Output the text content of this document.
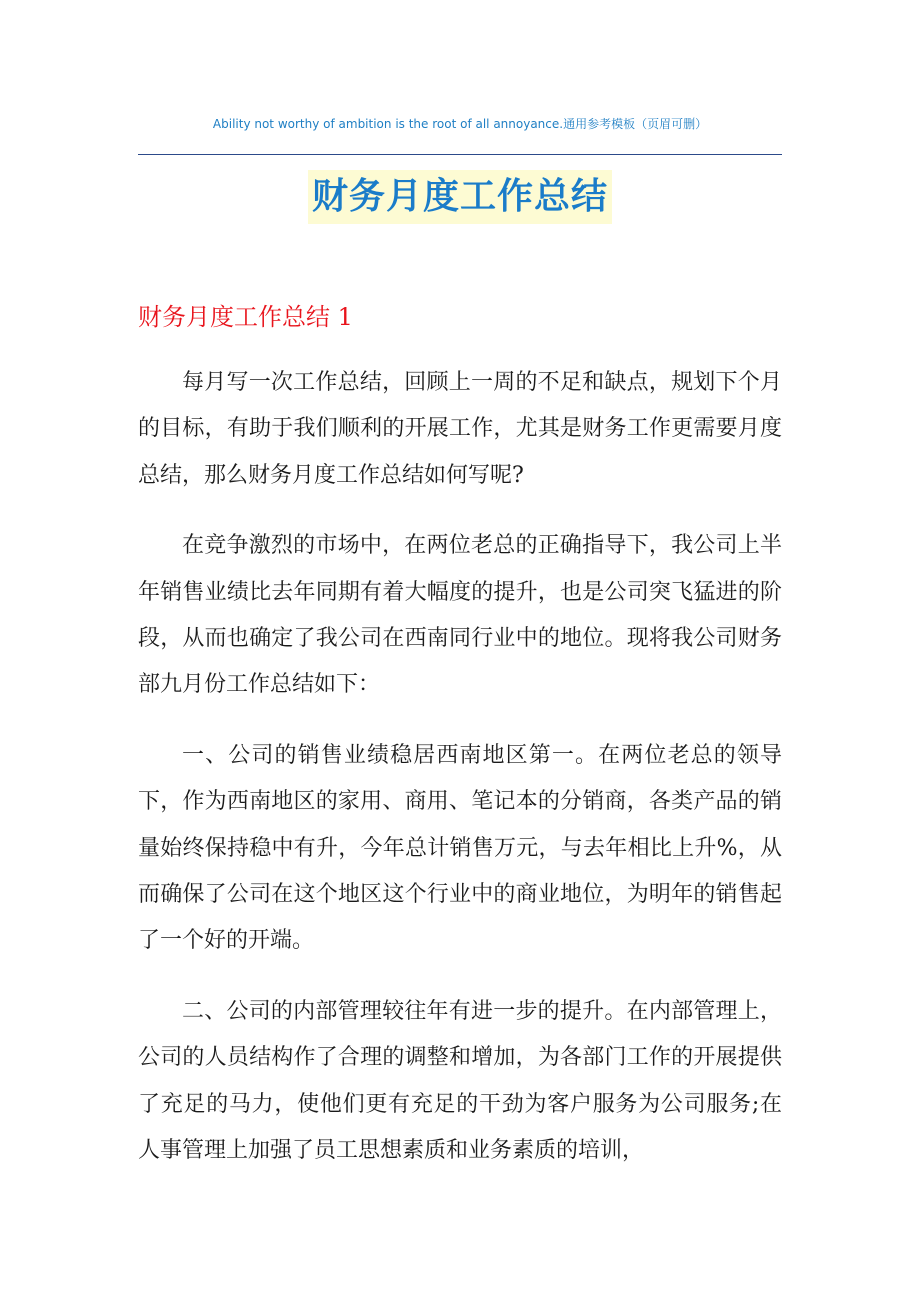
Ability not worthy of ambition is the root of all annoyance.通用参考模板（页眉可删）
财务月度工作总结
财务月度工作总结 1

每月写一次工作总结，回顾上一周的不足和缺点，规划下个月的目标，有助于我们顺利的开展工作，尤其是财务工作更需要月度总结，那么财务月度工作总结如何写呢?

在竞争激烈的市场中，在两位老总的正确指导下，我公司上半年销售业绩比去年同期有着大幅度的提升，也是公司突飞猛进的阶段，从而也确定了我公司在西南同行业中的地位。现将我公司财务部九月份工作总结如下：

一、公司的销售业绩稳居西南地区第一。在两位老总的领导下，作为西南地区的家用、商用、笔记本的分销商，各类产品的销量始终保持稳中有升，今年总计销售万元，与去年相比上升%，从而确保了公司在这个地区这个行业中的商业地位，为明年的销售起了一个好的开端。

二、公司的内部管理较往年有进一步的提升。在内部管理上，公司的人员结构作了合理的调整和增加，为各部门工作的开展提供了充足的马力，使他们更有充足的干劲为客户服务为公司服务;在人事管理上加强了员工思想素质和业务素质的培训，
